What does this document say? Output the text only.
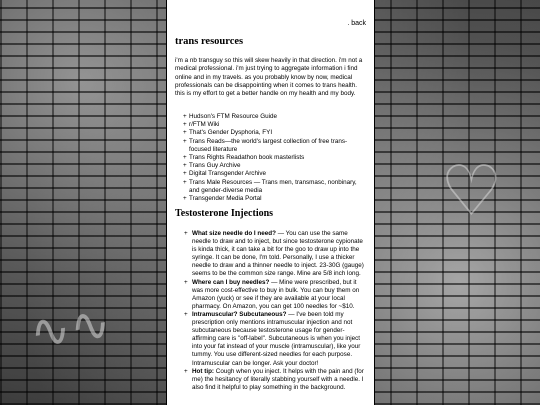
♡
∿∿
. back
trans resources

i'm a nb transguy so this will skew heavily in that direction. i'm not a medical professional. i'm just trying to aggregate information i find online and in my travels. as you probably know by now, medical professionals can be disappointing when it comes to trans health. this is my effort to get a better handle on my health and my body.

+ Hudson's FTM Resource Guide
+ r/FTM Wiki
+ That's Gender Dysphoria, FYI
+ Trans Reads—the world's largest collection of free trans-focused literature
+ Trans Rights Readathon book masterlists
+ Trans Guy Archive
+ Digital Transgender Archive
+ Trans Male Resources — Trans men, transmasc, nonbinary, and gender-diverse media
+ Transgender Media Portal
Testosterone Injections
+ What size needle do I need? — You can use the same needle to draw and to inject, but since testosterone cypionate is kinda thick, it can take a bit for the goo to draw up into the syringe. It can be done, I'm told. Personally, I use a thicker needle to draw and a thinner needle to inject. 23-30G (gauge) seems to be the common size range. Mine are 5/8 inch long.
+ Where can I buy needles? — Mine were prescribed, but it was more cost-effective to buy in bulk. You can buy them on Amazon (yuck) or see if they are available at your local pharmacy. On Amazon, you can get 100 needles for ~$10.
+ Intramuscular? Subcutaneous? — I've been told my prescription only mentions intramuscular injection and not subcutaneous because testosterone usage for gender-affirming care is "off-label". Subcutaneous is when you inject into your fat instead of your muscle (intramuscular), like your tummy. You use different-sized needles for each purpose. Intramuscular can be longer. Ask your doctor!
+ Hot tip: Cough when you inject. It helps with the pain and (for me) the hesitancy of literally stabbing yourself with a needle. I also find it helpful to play something in the background.
